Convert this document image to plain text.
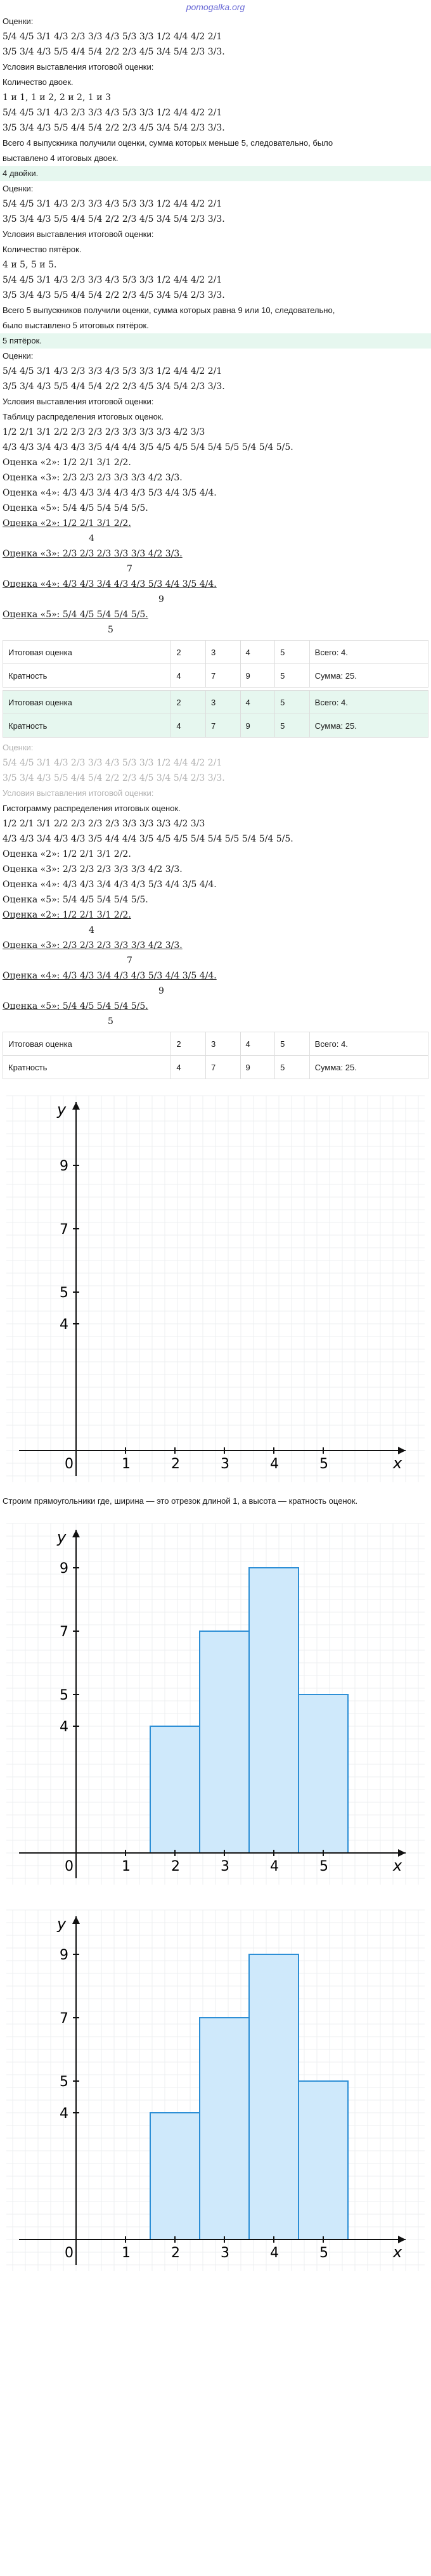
pomogalka.org
Оценки:
5/4 4/5 3/1 4/3 2/3 3/3 4/3 5/3 3/3 1/2 4/4 4/2 2/1
3/5 3/4 4/3 5/5 4/4 5/4 2/2 2/3 4/5 3/4 5/4 2/3 3/3.
Условия выставления итоговой оценки:
Количество двоек.
1 и 1, 1 и 2, 2 и 2, 1 и 3
5/4 4/5 3/1 4/3 2/3 3/3 4/3 5/3 3/3 1/2 4/4 4/2 2/1
3/5 3/4 4/3 5/5 4/4 5/4 2/2 2/3 4/5 3/4 5/4 2/3 3/3.
Всего 4 выпускника получили оценки, сумма которых меньше 5, следовательно, было
выставлено 4 итоговых двоек.
4 двойки.
Оценки:
5/4 4/5 3/1 4/3 2/3 3/3 4/3 5/3 3/3 1/2 4/4 4/2 2/1
3/5 3/4 4/3 5/5 4/4 5/4 2/2 2/3 4/5 3/4 5/4 2/3 3/3.
Условия выставления итоговой оценки:
Количество пятёрок.
4 и 5, 5 и 5.
5/4 4/5 3/1 4/3 2/3 3/3 4/3 5/3 3/3 1/2 4/4 4/2 2/1
3/5 3/4 4/3 5/5 4/4 5/4 2/2 2/3 4/5 3/4 5/4 2/3 3/3.
Всего 5 выпускников получили оценки, сумма которых равна 9 или 10, следовательно,
было выставлено 5 итоговых пятёрок.
5 пятёрок.
Оценки:
5/4 4/5 3/1 4/3 2/3 3/3 4/3 5/3 3/3 1/2 4/4 4/2 2/1
3/5 3/4 4/3 5/5 4/4 5/4 2/2 2/3 4/5 3/4 5/4 2/3 3/3.
Условия выставления итоговой оценки:
Таблицу распределения итоговых оценок.
1/2 2/1 3/1 2/2 2/3 2/3 2/3 3/3 3/3 3/3 4/2 3/3
4/3 4/3 3/4 4/3 4/3 3/5 4/4 4/4 3/5 4/5 4/5 5/4 5/4 5/5 5/4 5/4 5/5.
Оценка «2»: 1/2 2/1 3/1 2/2.
Оценка «3»: 2/3 2/3 2/3 3/3 3/3 4/2 3/3.
Оценка «4»: 4/3 4/3 3/4 4/3 4/3 5/3 4/4 3/5 4/4.
Оценка «5»: 5/4 4/5 5/4 5/4 5/5.
Оценка «2»: 1/2 2/1 3/1 2/2.
4
Оценка «3»: 2/3 2/3 2/3 3/3 3/3 4/2 3/3.
7
Оценка «4»: 4/3 4/3 3/4 4/3 4/3 5/3 4/4 3/5 4/4.
9
Оценка «5»: 5/4 4/5 5/4 5/4 5/5.
5
Итоговая оценка	2	3	4	5	Всего: 4.
Кратность	4	7	9	5	Сумма: 25.
Итоговая оценка	2	3	4	5	Всего: 4.
Кратность	4	7	9	5	Сумма: 25.
Оценки:
5/4 4/5 3/1 4/3 2/3 3/3 4/3 5/3 3/3 1/2 4/4 4/2 2/1
3/5 3/4 4/3 5/5 4/4 5/4 2/2 2/3 4/5 3/4 5/4 2/3 3/3.
Условия выставления итоговой оценки:
Гистограмму распределения итоговых оценок.
1/2 2/1 3/1 2/2 2/3 2/3 2/3 3/3 3/3 3/3 4/2 3/3
4/3 4/3 3/4 4/3 4/3 3/5 4/4 4/4 3/5 4/5 4/5 5/4 5/4 5/5 5/4 5/4 5/5.
Оценка «2»: 1/2 2/1 3/1 2/2.
Оценка «3»: 2/3 2/3 2/3 3/3 3/3 4/2 3/3.
Оценка «4»: 4/3 4/3 3/4 4/3 4/3 5/3 4/4 3/5 4/4.
Оценка «5»: 5/4 4/5 5/4 5/4 5/5.
Оценка «2»: 1/2 2/1 3/1 2/2.
4
Оценка «3»: 2/3 2/3 2/3 3/3 3/3 4/2 3/3.
7
Оценка «4»: 4/3 4/3 3/4 4/3 4/3 5/3 4/4 3/5 4/4.
9
Оценка «5»: 5/4 4/5 5/4 5/4 5/5.
5
Итоговая оценка	2	3	4	5	Всего: 4.
Кратность	4	7	9	5	Сумма: 25.
x
y
0	1	2	3	4	5
4
5
7
9
Строим прямоугольники где, ширина — это отрезок длиной 1, а высота — кратность оценок.
x
y
0	1	2	3	4	5
4
5
7
9
x
y
0	1	2	3	4	5
4
5
7
9
